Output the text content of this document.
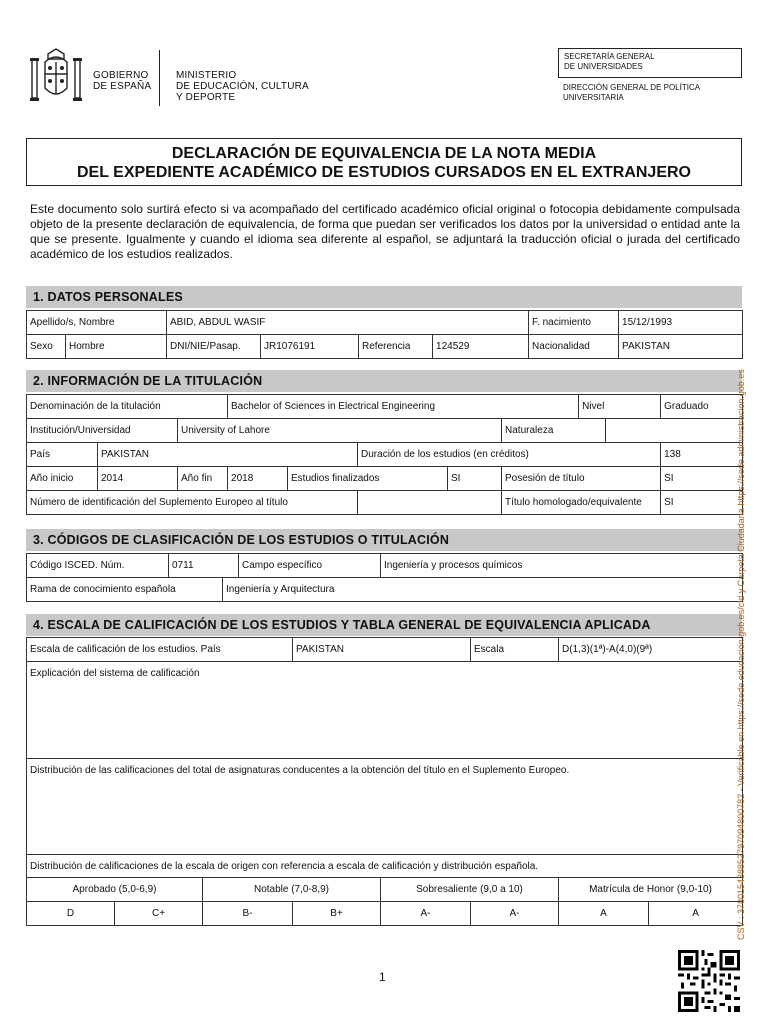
GOBIERNO
DE ESPAÑA
MINISTERIO
DE EDUCACIÓN, CULTURA
Y DEPORTE
SECRETARÍA GENERAL
DE UNIVERSIDADES
DIRECCIÓN GENERAL DE POLÍTICA
UNIVERSITARIA
DECLARACIÓN DE EQUIVALENCIA DE LA NOTA MEDIA
DEL EXPEDIENTE ACADÉMICO DE ESTUDIOS CURSADOS EN EL EXTRANJERO
Este documento solo surtirá efecto si va acompañado del certificado académico oficial original o fotocopia debidamente compulsada objeto de la presente declaración de equivalencia, de forma que puedan ser verificados los datos por la universidad o entidad ante la que se presente. Igualmente y cuando el idioma sea diferente al español, se adjuntará la traducción oficial o jurada del certificado académico de los estudios realizados.
1. DATOS PERSONALES
Apellido/s, Nombre		ABID, ABDUL WASIF				F. nacimiento	15/12/1993
Sexo	Hombre	DNI/NIE/Pasap.	JR1076191	Referencia	124529	Nacionalidad	PAKISTAN
2. INFORMACIÓN DE LA TITULACIÓN
Denominación de la titulación			Bachelor of Sciences in Electrical Engineering					Nivel		Graduado
Institución/Universidad		University of Lahore					Naturaleza			
País	PAKISTAN				Duración de los estudios (en créditos)					138
Año inicio	2014	Año fin	2018	Estudios finalizados		SI	Posesión de título			SI
Número de identificación del Suplemento Europeo al título							Título homologado/equivalente			SI
3. CÓDIGOS DE CLASIFICACIÓN DE LOS ESTUDIOS O TITULACIÓN
Código ISCED. Núm.	0711		Campo específico	Ingeniería y procesos químicos
Rama de conocimiento española		Ingeniería y Arquitectura		
4. ESCALA DE CALIFICACIÓN DE LOS ESTUDIOS Y TABLA GENERAL DE EQUIVALENCIA APLICADA
Escala de calificación de los estudios. País			PAKISTAN		Escala	D(1,3)(1ª)-A(4,0)(9ª)	
Explicación del sistema de calificación							

Distribución de las calificaciones del total de asignaturas conducentes a la obtención del título en el Suplemento Europeo.							

Distribución de calificaciones de la escala de origen con referencia a escala de calificación y distribución española.							
Aprobado (5,0-6,9)		Notable (7,0-8,9)		Sobresaliente (9,0 a 10)		Matrícula de Honor (9,0-10)	
D	C+	B-	B+	A-	A-	A	A	CSV : 378015438852797094800782 - Verificable en https://sede.educacion.gob.es/cid y Carpeta Ciudadana https://sede.administracion.gob.es
1
